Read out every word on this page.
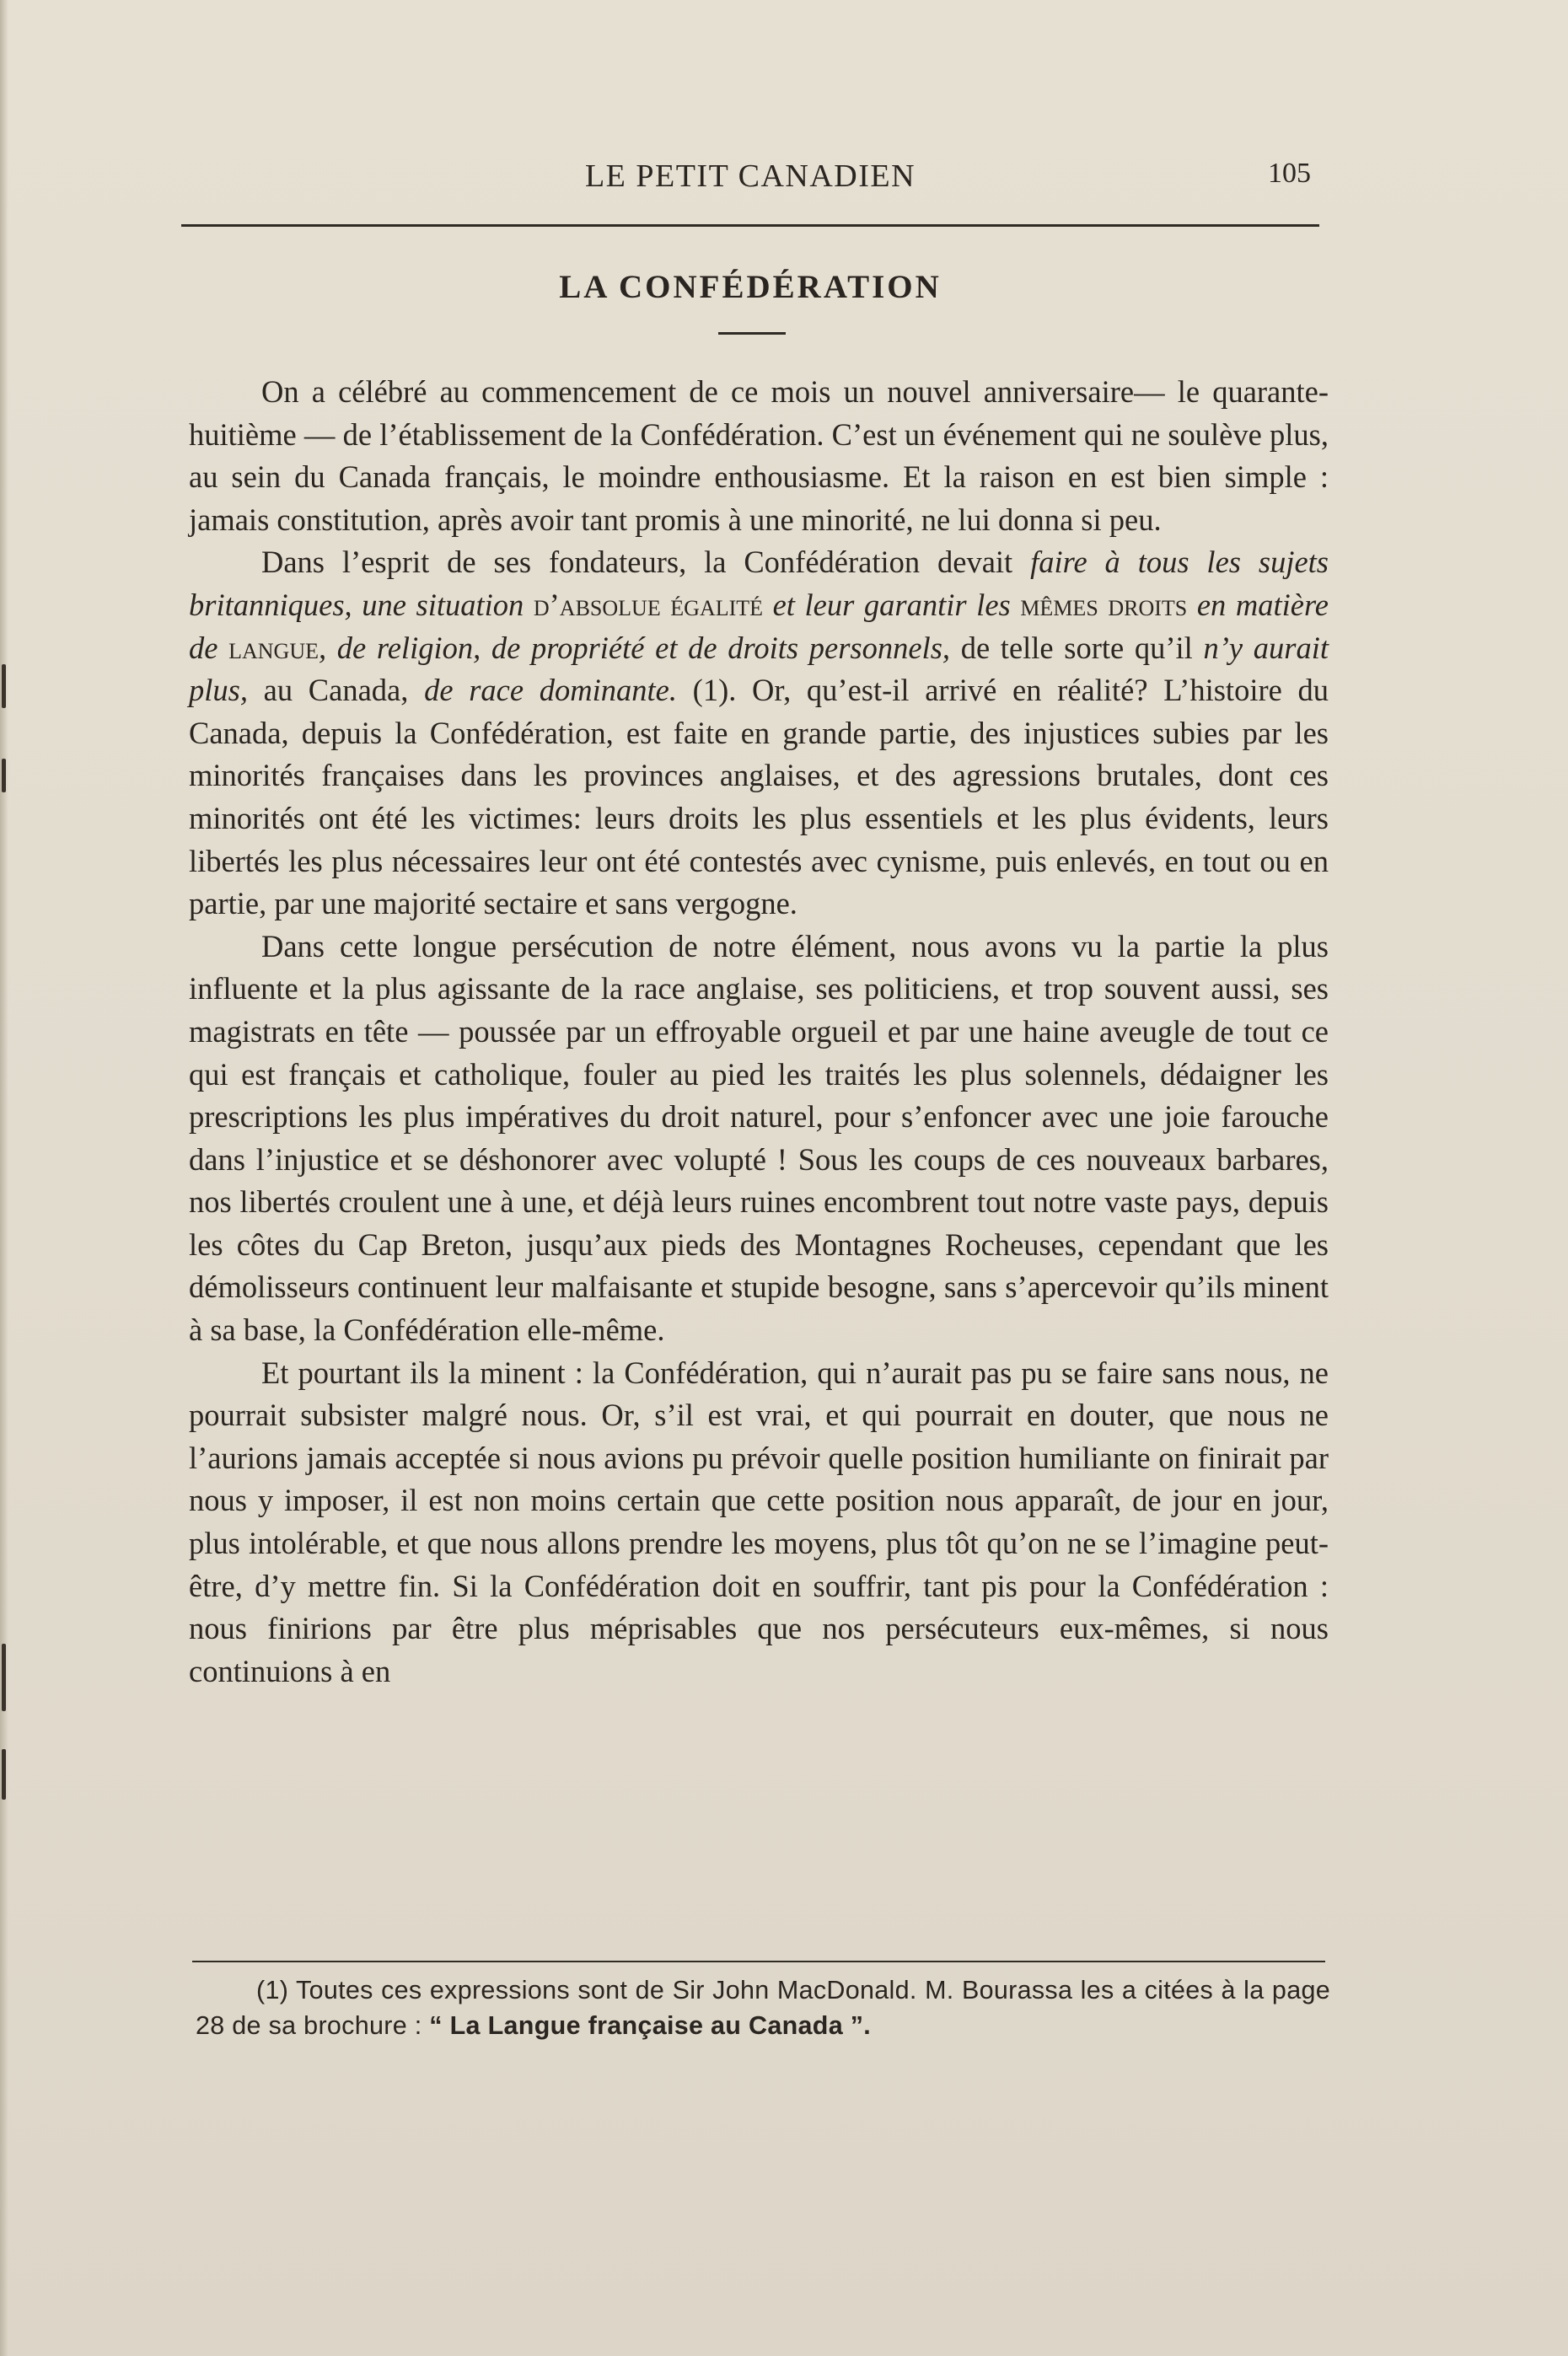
LE PETIT CANADIEN	105
LA CONFÉDÉRATION

On a célébré au commencement de ce mois un nouvel anniversaire— le quarante-huitième — de l’établissement de la Confédération. C’est un événement qui ne soulève plus, au sein du Canada français, le moindre enthousiasme. Et la raison en est bien simple : jamais constitution, après avoir tant promis à une minorité, ne lui donna si peu.

Dans l’esprit de ses fondateurs, la Confédération devait faire à tous les sujets britanniques, une situation d’absolue égalité et leur garantir les mêmes droits en matière de langue, de religion, de propriété et de droits personnels, de telle sorte qu’il n’y aurait plus, au Canada, de race dominante. (1). Or, qu’est-il arrivé en réalité? L’histoire du Canada, depuis la Confédération, est faite en grande partie, des injustices subies par les minorités françaises dans les provinces anglaises, et des agressions brutales, dont ces minorités ont été les victimes: leurs droits les plus essentiels et les plus évidents, leurs libertés les plus nécessaires leur ont été contestés avec cynisme, puis enlevés, en tout ou en partie, par une majorité sectaire et sans vergogne.

Dans cette longue persécution de notre élément, nous avons vu la partie la plus influente et la plus agissante de la race anglaise, ses politiciens, et trop souvent aussi, ses magistrats en tête — poussée par un effroyable orgueil et par une haine aveugle de tout ce qui est français et catholique, fouler au pied les traités les plus solennels, dédaigner les prescriptions les plus impératives du droit naturel, pour s’enfoncer avec une joie farouche dans l’injustice et se déshonorer avec volupté ! Sous les coups de ces nouveaux barbares, nos libertés croulent une à une, et déjà leurs ruines encombrent tout notre vaste pays, depuis les côtes du Cap Breton, jusqu’aux pieds des Montagnes Rocheuses, cependant que les démolisseurs continuent leur malfaisante et stupide besogne, sans s’apercevoir qu’ils minent à sa base, la Confédération elle-même.

Et pourtant ils la minent : la Confédération, qui n’aurait pas pu se faire sans nous, ne pourrait subsister malgré nous. Or, s’il est vrai, et qui pourrait en douter, que nous ne l’aurions jamais acceptée si nous avions pu prévoir quelle position humiliante on finirait par nous y imposer, il est non moins certain que cette position nous apparaît, de jour en jour, plus intolérable, et que nous allons prendre les moyens, plus tôt qu’on ne se l’imagine peut-être, d’y mettre fin. Si la Confédération doit en souffrir, tant pis pour la Confédération : nous finirions par être plus méprisables que nos persécuteurs eux-mêmes, si nous continuions à en

(1) Toutes ces expressions sont de Sir John MacDonald. M. Bourassa les a citées à la page 28 de sa brochure : “ La Langue française au Canada ”.
